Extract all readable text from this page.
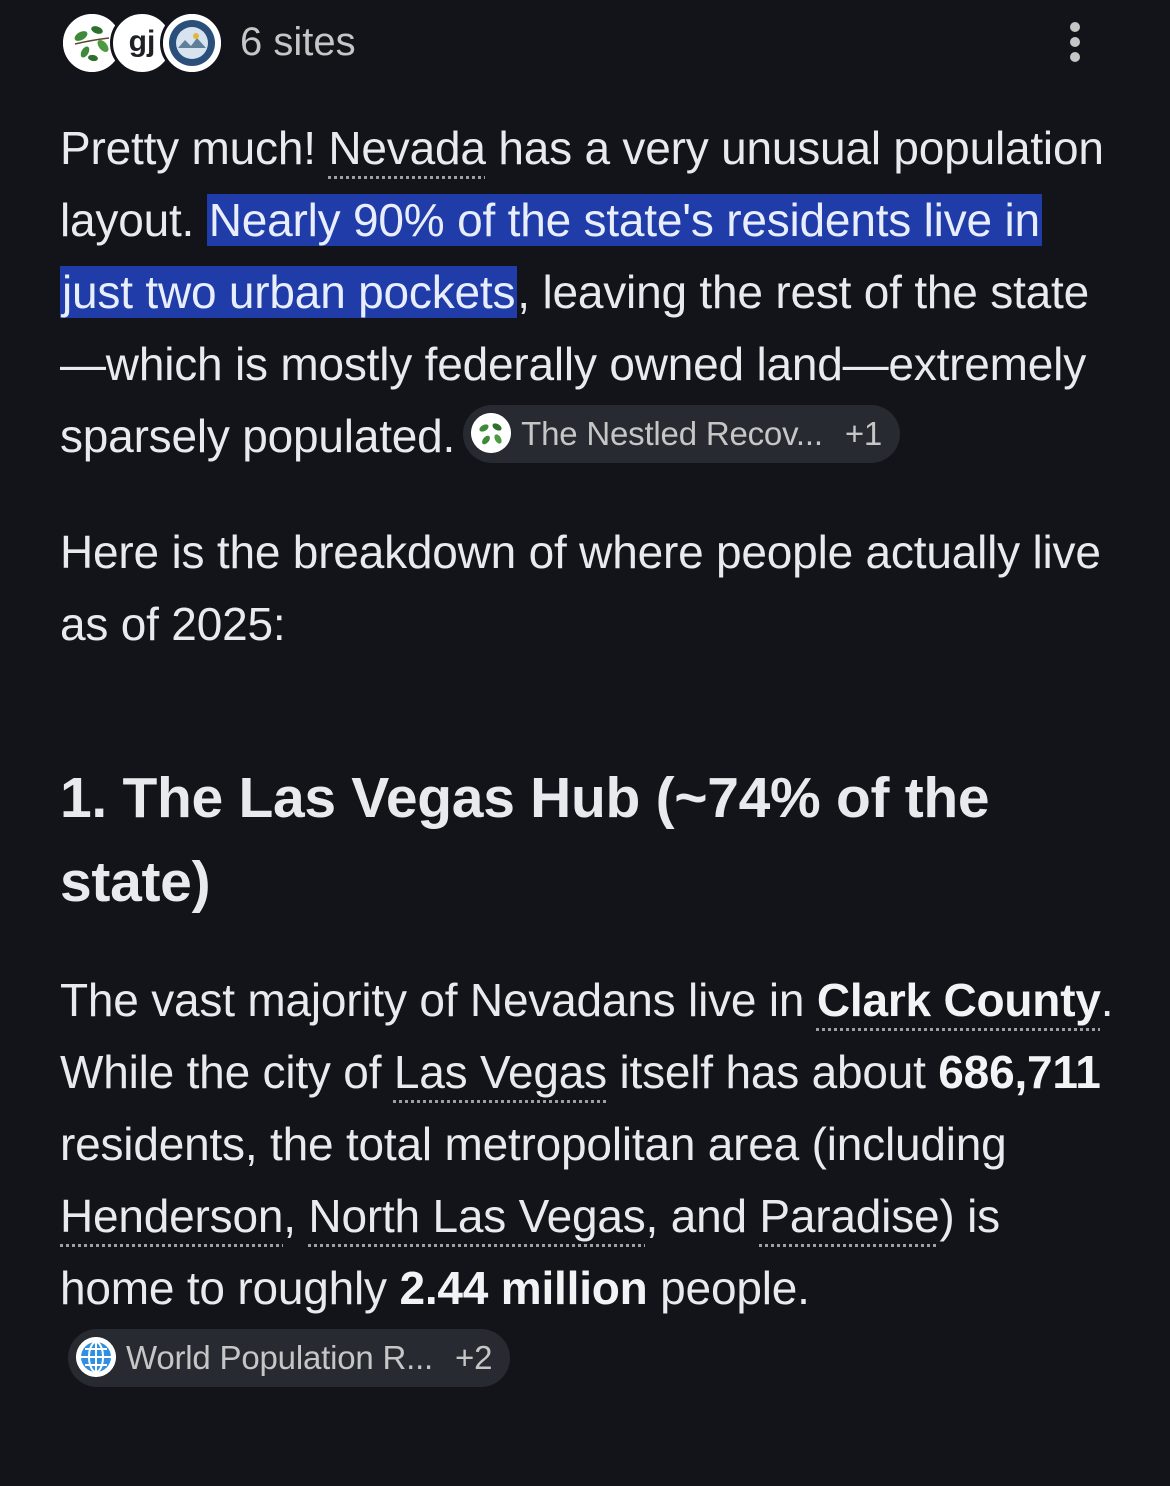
gj	6 sites

Pretty much! Nevada has a very unusual population layout. Nearly 90% of the state's residents live in just two urban pockets, leaving the rest of the state—which is mostly federally owned land—extremely sparsely populated. The Nestled Recov... +1

Here is the breakdown of where people actually live as of 2025:

1. The Las Vegas Hub (~74% of the state)

The vast majority of Nevadans live in Clark County. While the city of Las Vegas itself has about 686,711 residents, the total metropolitan area (including Henderson, North Las Vegas, and Paradise) is home to roughly 2.44 million people.World Population R... +2
